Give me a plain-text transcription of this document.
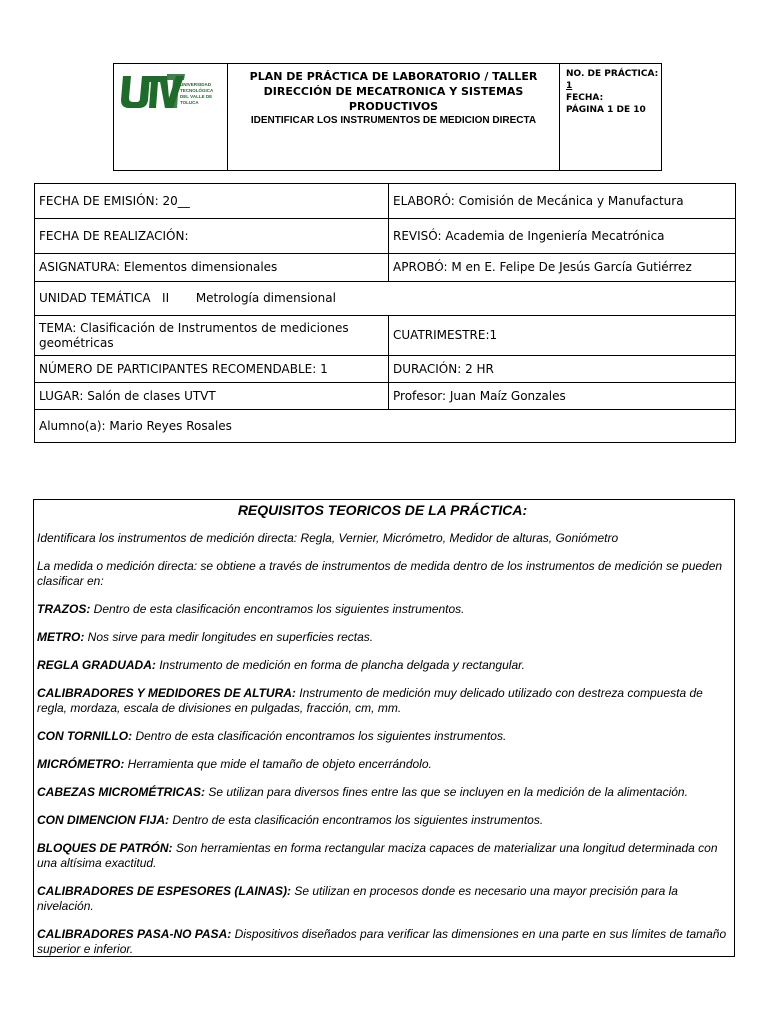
UNIVERSIDAD
TECNOLÓGICA
DEL VALLE DE TOLUCA
PLAN DE PRÁCTICA DE LABORATORIO / TALLER
DIRECCIÓN DE MECATRONICA Y SISTEMAS
PRODUCTIVOS
IDENTIFICAR LOS INSTRUMENTOS DE MEDICION DIRECTA
NO. DE PRÁCTICA:
1
FECHA:
PÁGINA 1 DE 10
FECHA DE EMISIÓN: 20__	ELABORÓ: Comisión de Mecánica y Manufactura
FECHA DE REALIZACIÓN:	REVISÓ: Academia de Ingeniería Mecatrónica
ASIGNATURA: Elementos dimensionales	APROBÓ: M en E. Felipe De Jesús García Gutiérrez
UNIDAD TEMÁTICA   II       Metrología dimensional	
TEMA: Clasificación de Instrumentos de mediciones geométricas	CUATRIMESTRE:1
NÚMERO DE PARTICIPANTES RECOMENDABLE: 1	DURACIÓN: 2 HR
LUGAR: Salón de clases UTVT	Profesor: Juan Maíz Gonzales
Alumno(a): Mario Reyes Rosales	
REQUISITOS TEORICOS DE LA PRÁCTICA:

Identificara los instrumentos de medición directa: Regla, Vernier, Micrómetro, Medidor de alturas, Goniómetro

La medida o medición directa: se obtiene a través de instrumentos de medida dentro de los instrumentos de medición se pueden clasificar en:

TRAZOS: Dentro de esta clasificación encontramos los siguientes instrumentos.

METRO: Nos sirve para medir longitudes en superficies rectas.

REGLA GRADUADA: Instrumento de medición en forma de plancha delgada y rectangular.

CALIBRADORES Y MEDIDORES DE ALTURA: Instrumento de medición muy delicado utilizado con destreza compuesta de regla, mordaza, escala de divisiones en pulgadas, fracción, cm, mm.

CON TORNILLO: Dentro de esta clasificación encontramos los siguientes instrumentos.

MICRÓMETRO: Herramienta que mide el tamaño de objeto encerrándolo.

CABEZAS MICROMÉTRICAS: Se utilizan para diversos fines entre las que se incluyen en la medición de la alimentación.

CON DIMENCION FIJA: Dentro de esta clasificación encontramos los siguientes instrumentos.

BLOQUES DE PATRÓN: Son herramientas en forma rectangular maciza capaces de materializar una longitud determinada con una altísima exactitud.

CALIBRADORES DE ESPESORES (LAINAS): Se utilizan en procesos donde es necesario una mayor precisión para la nivelación.

CALIBRADORES PASA-NO PASA: Dispositivos diseñados para verificar las dimensiones en una parte en sus límites de tamaño superior e inferior.
